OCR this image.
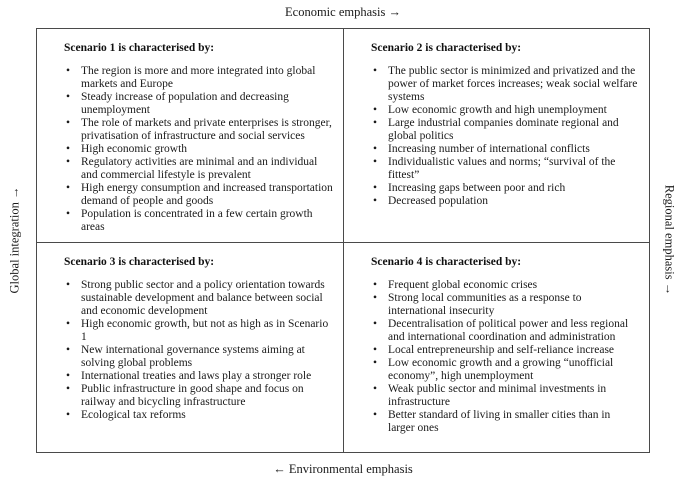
Economic emphasis →
← Environmental emphasis
Global integration →	Regional emphasis →
Scenario 1 is characterised by:
• The region is more and more integrated into global markets and Europe
• Steady increase of population and decreasing unemployment
• The role of markets and private enterprises is stronger, privatisation of infrastructure and social services
• High economic growth
• Regulatory activities are minimal and an individual and commercial lifestyle is prevalent
• High energy consumption and increased transportation demand of people and goods
• Population is concentrated in a few certain growth areas
Scenario 2 is characterised by:
• The public sector is minimized and privatized and the power of market forces increases; weak social welfare systems
• Low economic growth and high unemployment
• Large industrial companies dominate regional and global politics
• Increasing number of international conflicts
• Individualistic values and norms; “survival of the fittest”
• Increasing gaps between poor and rich
• Decreased population
Scenario 3 is characterised by:
• Strong public sector and a policy orientation towards sustainable development and balance between social and economic development
• High economic growth, but not as high as in Scenario 1
• New international governance systems aiming at solving global problems
• International treaties and laws play a stronger role
• Public infrastructure in good shape and focus on railway and bicycling infrastructure
• Ecological tax reforms
Scenario 4 is characterised by:
• Frequent global economic crises
• Strong local communities as a response to international insecurity
• Decentralisation of political power and less regional and international coordination and administration
• Local entrepreneurship and self-reliance increase
• Low economic growth and a growing “unofficial economy”, high unemployment
• Weak public sector and minimal investments in infrastructure
• Better standard of living in smaller cities than in larger ones
